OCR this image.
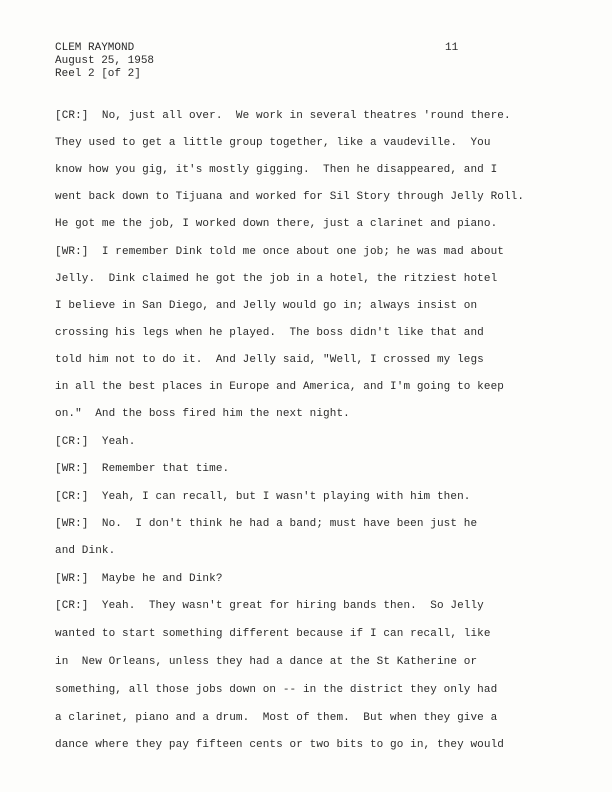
CLEM RAYMOND
August 25, 1958
Reel 2 [of 2]
11
[CR:]  No, just all over.  We work in several theatres 'round there.
They used to get a little group together, like a vaudeville.  You
know how you gig, it's mostly gigging.  Then he disappeared, and I
went back down to Tijuana and worked for Sil Story through Jelly Roll.
He got me the job, I worked down there, just a clarinet and piano.
[WR:]  I remember Dink told me once about one job; he was mad about
Jelly.  Dink claimed he got the job in a hotel, the ritziest hotel
I believe in San Diego, and Jelly would go in; always insist on
crossing his legs when he played.  The boss didn't like that and
told him not to do it.  And Jelly said, "Well, I crossed my legs
in all the best places in Europe and America, and I'm going to keep
on."  And the boss fired him the next night.
[CR:]  Yeah.
[WR:]  Remember that time.
[CR:]  Yeah, I can recall, but I wasn't playing with him then.
[WR:]  No.  I don't think he had a band; must have been just he
and Dink.
[WR:]  Maybe he and Dink?
[CR:]  Yeah.  They wasn't great for hiring bands then.  So Jelly
wanted to start something different because if I can recall, like
in  New Orleans, unless they had a dance at the St Katherine or
something, all those jobs down on -- in the district they only had
a clarinet, piano and a drum.  Most of them.  But when they give a
dance where they pay fifteen cents or two bits to go in, they would
